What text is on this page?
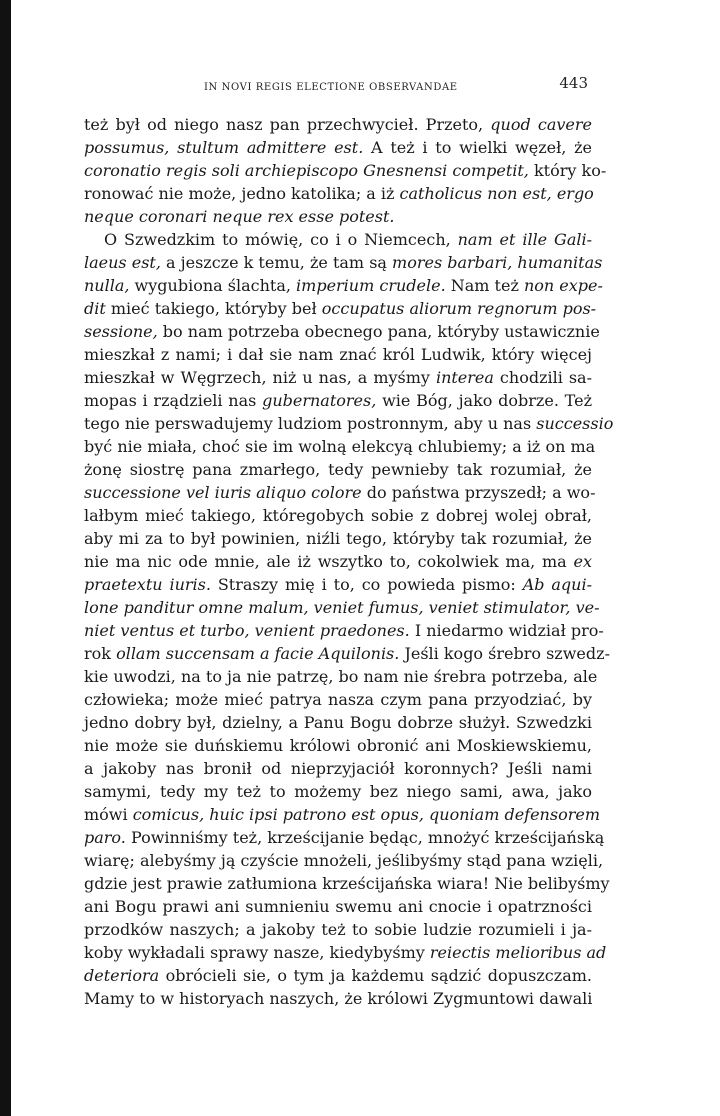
IN NOVI REGIS ELECTIONE OBSERVANDAE	443
też był od niego nasz pan przechwycieł. Przeto, quod cavere
possumus, stultum admittere est. A też i to wielki węzeł, że
coronatio regis soli archiepiscopo Gnesnensi competit, który ko-
ronować nie może, jedno katolika; a iż catholicus non est, ergo
neque coronari neque rex esse potest.
O Szwedzkim to mówię, co i o Niemcech, nam et ille Gali-
laeus est, a jeszcze k temu, że tam są mores barbari, humanitas
nulla, wygubiona ślachta, imperium crudele. Nam też non expe-
dit mieć takiego, któryby beł occupatus aliorum regnorum pos-
sessione, bo nam potrzeba obecnego pana, któryby ustawicznie
mieszkał z nami; i dał sie nam znać król Ludwik, który więcej
mieszkał w Węgrzech, niż u nas, a myśmy interea chodzili sa-
mopas i rządzieli nas gubernatores, wie Bóg, jako dobrze. Też
tego nie perswadujemy ludziom postronnym, aby u nas successio
być nie miała, choć sie im wolną elekcyą chlubiemy; a iż on ma
żonę siostrę pana zmarłego, tedy pewnieby tak rozumiał, że
successione vel iuris aliquo colore do państwa przyszedł; a wo-
lałbym mieć takiego, któregobych sobie z dobrej wolej obrał,
aby mi za to był powinien, niźli tego, któryby tak rozumiał, że
nie ma nic ode mnie, ale iż wszytko to, cokolwiek ma, ma ex
praetextu iuris. Straszy mię i to, co powieda pismo: Ab aqui-
lone panditur omne malum, veniet fumus, veniet stimulator, ve-
niet ventus et turbo, venient praedones. I niedarmo widział pro-
rok ollam succensam a facie Aquilonis. Jeśli kogo śrebro szwedz-
kie uwodzi, na to ja nie patrzę, bo nam nie śrebra potrzeba, ale
człowieka; może mieć patrya nasza czym pana przyodziać, by
jedno dobry był, dzielny, a Panu Bogu dobrze służył. Szwedzki
nie może sie duńskiemu królowi obronić ani Moskiewskiemu,
a jakoby nas bronił od nieprzyjaciół koronnych? Jeśli nami
samymi, tedy my też to możemy bez niego sami, awa, jako
mówi comicus, huic ipsi patrono est opus, quoniam defensorem
paro. Powinniśmy też, krześcijanie będąc, mnożyć krześcijańską
wiarę; alebyśmy ją czyście mnożeli, jeślibyśmy stąd pana wzięli,
gdzie jest prawie zatłumiona krześcijańska wiara! Nie belibyśmy
ani Bogu prawi ani sumnieniu swemu ani cnocie i opatrzności
przodków naszych; a jakoby też to sobie ludzie rozumieli i ja-
koby wykładali sprawy nasze, kiedybyśmy reiectis melioribus ad
deteriora obrócieli sie, o tym ja każdemu sądzić dopuszczam.
Mamy to w historyach naszych, że królowi Zygmuntowi dawali
